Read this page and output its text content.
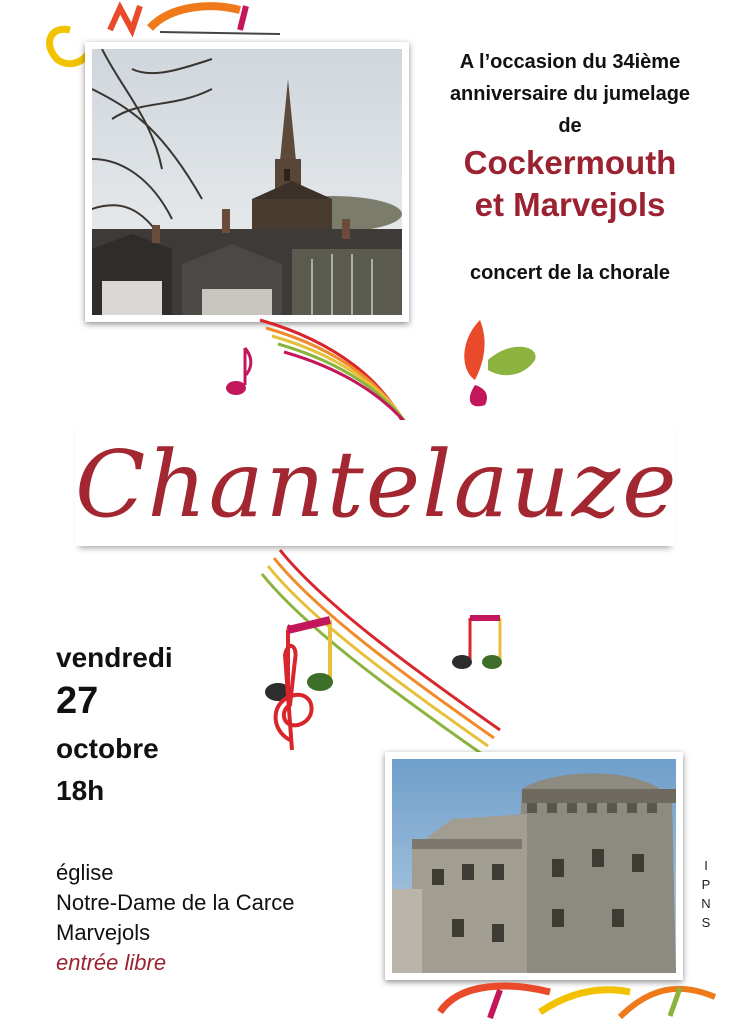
A l’occasion du 34ième
anniversaire du jumelage
de
Cockermouth
et Marvejols
concert de la chorale
Chantelauze
vendredi
27
octobre
18h
église
Notre-Dame de la Carce
Marvejols
entrée libre
I
P
N
S
